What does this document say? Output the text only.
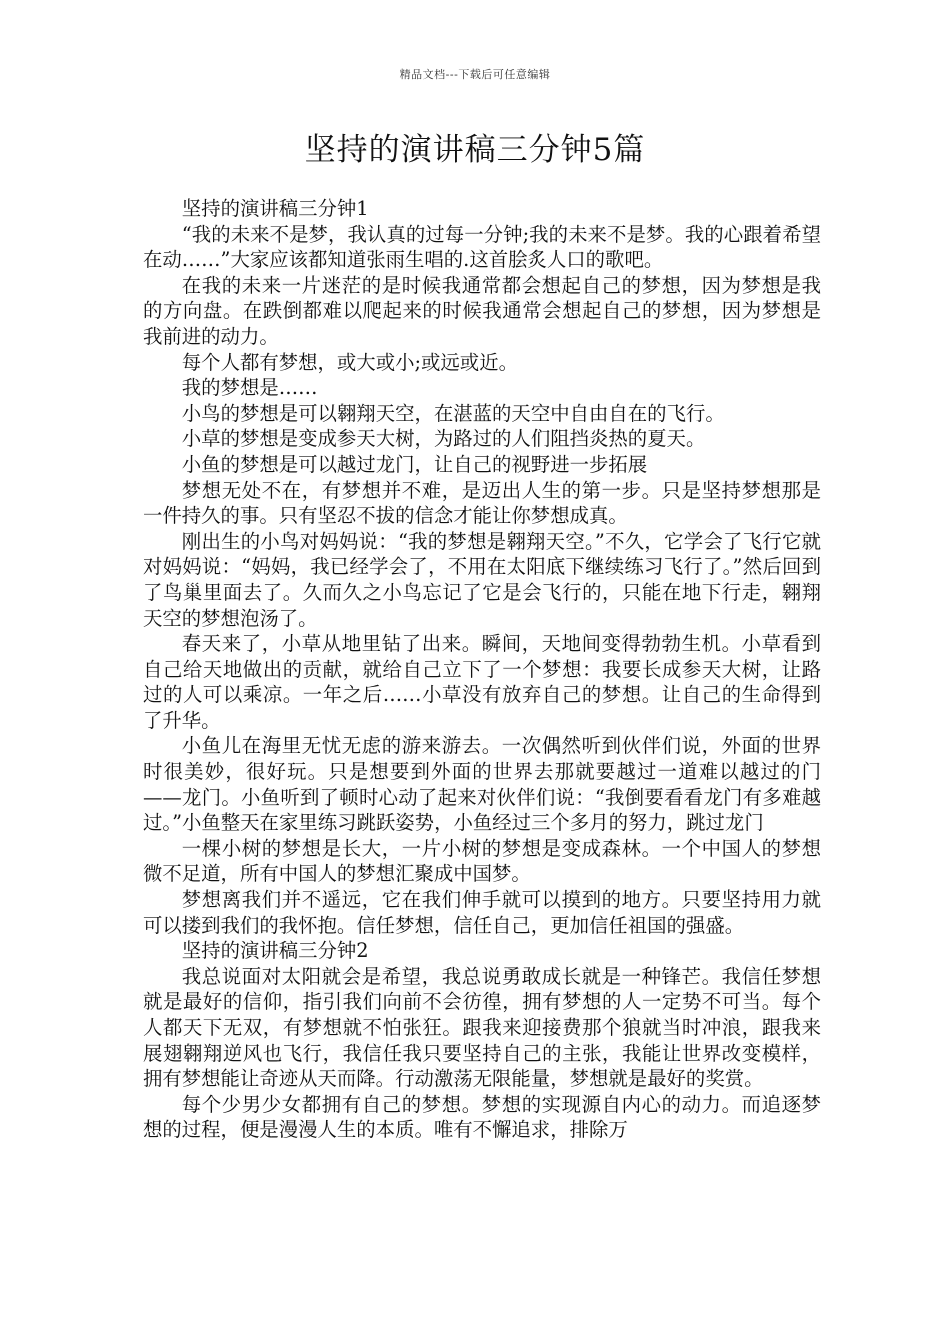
精品文档---下载后可任意编辑
坚持的演讲稿三分钟5篇

坚持的演讲稿三分钟1

“我的未来不是梦，我认真的过每一分钟;我的未来不是梦。我的心跟着希望在动……”大家应该都知道张雨生唱的.这首脍炙人口的歌吧。

在我的未来一片迷茫的是时候我通常都会想起自己的梦想，因为梦想是我的方向盘。在跌倒都难以爬起来的时候我通常会想起自己的梦想，因为梦想是我前进的动力。

每个人都有梦想，或大或小;或远或近。

我的梦想是……

小鸟的梦想是可以翱翔天空，在湛蓝的天空中自由自在的飞行。

小草的梦想是变成参天大树，为路过的人们阻挡炎热的夏天。

小鱼的梦想是可以越过龙门，让自己的视野进一步拓展

梦想无处不在，有梦想并不难，是迈出人生的第一步。只是坚持梦想那是一件持久的事。只有坚忍不拔的信念才能让你梦想成真。

刚出生的小鸟对妈妈说：“我的梦想是翱翔天空。”不久，它学会了飞行它就对妈妈说：“妈妈，我已经学会了，不用在太阳底下继续练习飞行了。”然后回到了鸟巢里面去了。久而久之小鸟忘记了它是会飞行的，只能在地下行走，翱翔天空的梦想泡汤了。

春天来了，小草从地里钻了出来。瞬间，天地间变得勃勃生机。小草看到自己给天地做出的贡献，就给自己立下了一个梦想：我要长成参天大树，让路过的人可以乘凉。一年之后……小草没有放弃自己的梦想。让自己的生命得到了升华。

小鱼儿在海里无忧无虑的游来游去。一次偶然听到伙伴们说，外面的世界时很美妙，很好玩。只是想要到外面的世界去那就要越过一道难以越过的门——龙门。小鱼听到了顿时心动了起来对伙伴们说：“我倒要看看龙门有多难越过。”小鱼整天在家里练习跳跃姿势，小鱼经过三个多月的努力，跳过龙门

一棵小树的梦想是长大，一片小树的梦想是变成森林。一个中国人的梦想微不足道，所有中国人的梦想汇聚成中国梦。

梦想离我们并不遥远，它在我们伸手就可以摸到的地方。只要坚持用力就可以搂到我们的我怀抱。信任梦想，信任自己，更加信任祖国的强盛。

坚持的演讲稿三分钟2

我总说面对太阳就会是希望，我总说勇敢成长就是一种锋芒。我信任梦想就是最好的信仰，指引我们向前不会彷徨，拥有梦想的人一定势不可当。每个人都天下无双，有梦想就不怕张狂。跟我来迎接费那个狼就当时冲浪，跟我来展翅翱翔逆风也飞行，我信任我只要坚持自己的主张，我能让世界改变模样，拥有梦想能让奇迹从天而降。行动激荡无限能量，梦想就是最好的奖赏。

每个少男少女都拥有自己的梦想。梦想的实现源自内心的动力。而追逐梦想的过程，便是漫漫人生的本质。唯有不懈追求，排除万
